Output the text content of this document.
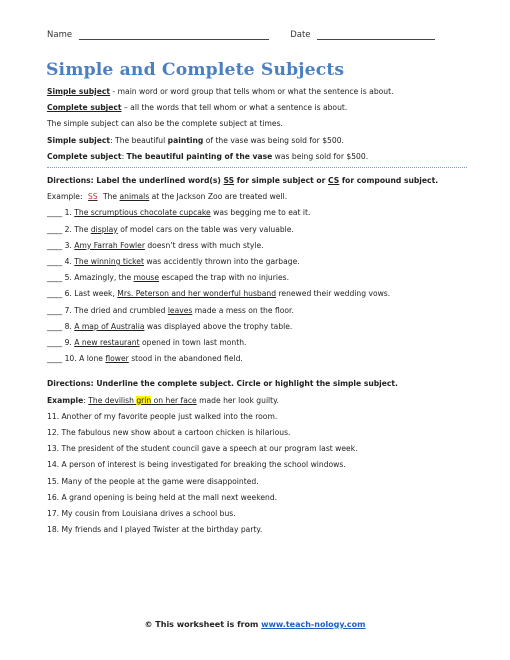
Name	Date
Simple and Complete Subjects

Simple subject - main word or word group that tells whom or what the sentence is about.

Complete subject – all the words that tell whom or what a sentence is about.

The simple subject can also be the complete subject at times.

Simple subject: The beautiful painting of the vase was being sold for $500.

Complete subject: The beautiful painting of the vase was being sold for $500.

Directions: Label the underlined word(s) SS for simple subject or CS for compound subject.

Example: SS The animals at the Jackson Zoo are treated well.

____ 1. The scrumptious chocolate cupcake was begging me to eat it.

____ 2. The display of model cars on the table was very valuable.

____ 3. Amy Farrah Fowler doesn’t dress with much style.

____ 4. The winning ticket was accidently thrown into the garbage.

____ 5. Amazingly, the mouse escaped the trap with no injuries.

____ 6. Last week, Mrs. Peterson and her wonderful husband renewed their wedding vows.

____ 7. The dried and crumbled leaves made a mess on the floor.

____ 8. A map of Australia was displayed above the trophy table.

____ 9. A new restaurant opened in town last month.

____ 10. A lone flower stood in the abandoned field.

Directions: Underline the complete subject. Circle or highlight the simple subject.

Example: The devilish grin on her face made her look guilty.

11. Another of my favorite people just walked into the room.

12. The fabulous new show about a cartoon chicken is hilarious.

13. The president of the student council gave a speech at our program last week.

14. A person of interest is being investigated for breaking the school windows.

15. Many of the people at the game were disappointed.

16. A grand opening is being held at the mall next weekend.

17. My cousin from Louisiana drives a school bus.

18. My friends and I played Twister at the birthday party.

© This worksheet is from www.teach-nology.com
